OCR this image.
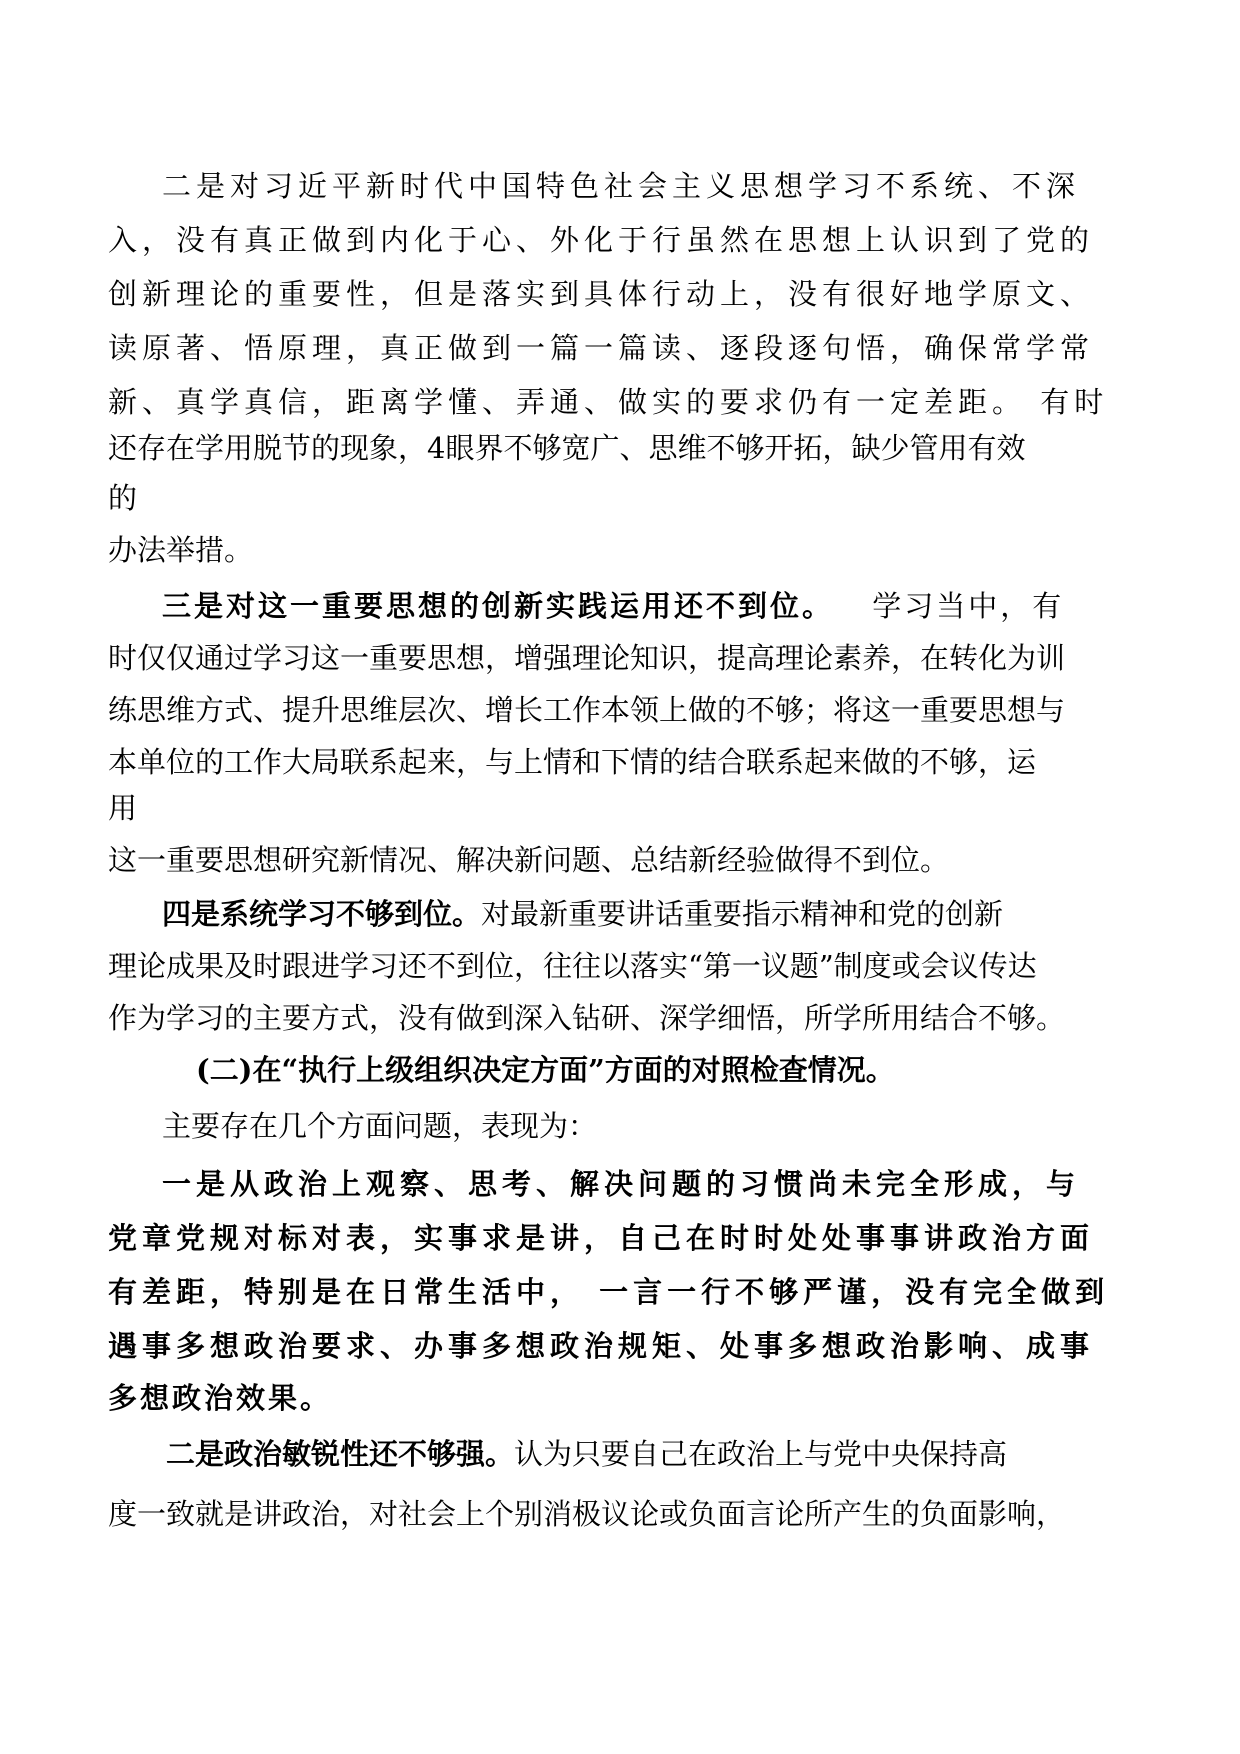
二是对习近平新时代中国特色社会主义思想学习不系统、不深

入，没有真正做到内化于心、外化于行虽然在思想上认识到了党的

创新理论的重要性，但是落实到具体行动上，没有很好地学原文、

读原著、悟原理，真正做到一篇一篇读、逐段逐句悟，确保常学常

新、真学真信，距离学懂、弄通、做实的要求仍有一定差距。 有时

还存在学用脱节的现象，4眼界不够宽广、思维不够开拓，缺少管用有效

的

办法举措。

三是对这一重要思想的创新实践运用还不到位。 学习当中，有

时仅仅通过学习这一重要思想，增强理论知识，提高理论素养，在转化为训

练思维方式、提升思维层次、增长工作本领上做的不够；将这一重要思想与

本单位的工作大局联系起来，与上情和下情的结合联系起来做的不够，运

用

这一重要思想研究新情况、解决新问题、总结新经验做得不到位。

四是系统学习不够到位。对最新重要讲话重要指示精神和党的创新

理论成果及时跟进学习还不到位，往往以落实“第一议题”制度或会议传达

作为学习的主要方式，没有做到深入钻研、深学细悟，所学所用结合不够。

(二)在“执行上级组织决定方面”方面的对照检查情况。

主要存在几个方面问题，表现为：

一是从政治上观察、思考、解决问题的习惯尚未完全形成，与

党章党规对标对表，实事求是讲，自己在时时处处事事讲政治方面

有差距，特别是在日常生活中， 一言一行不够严谨，没有完全做到

遇事多想政治要求、办事多想政治规矩、处事多想政治影响、成事

多想政治效果。

二是政治敏锐性还不够强。认为只要自己在政治上与党中央保持高

度一致就是讲政治，对社会上个别消极议论或负面言论所产生的负面影响，
